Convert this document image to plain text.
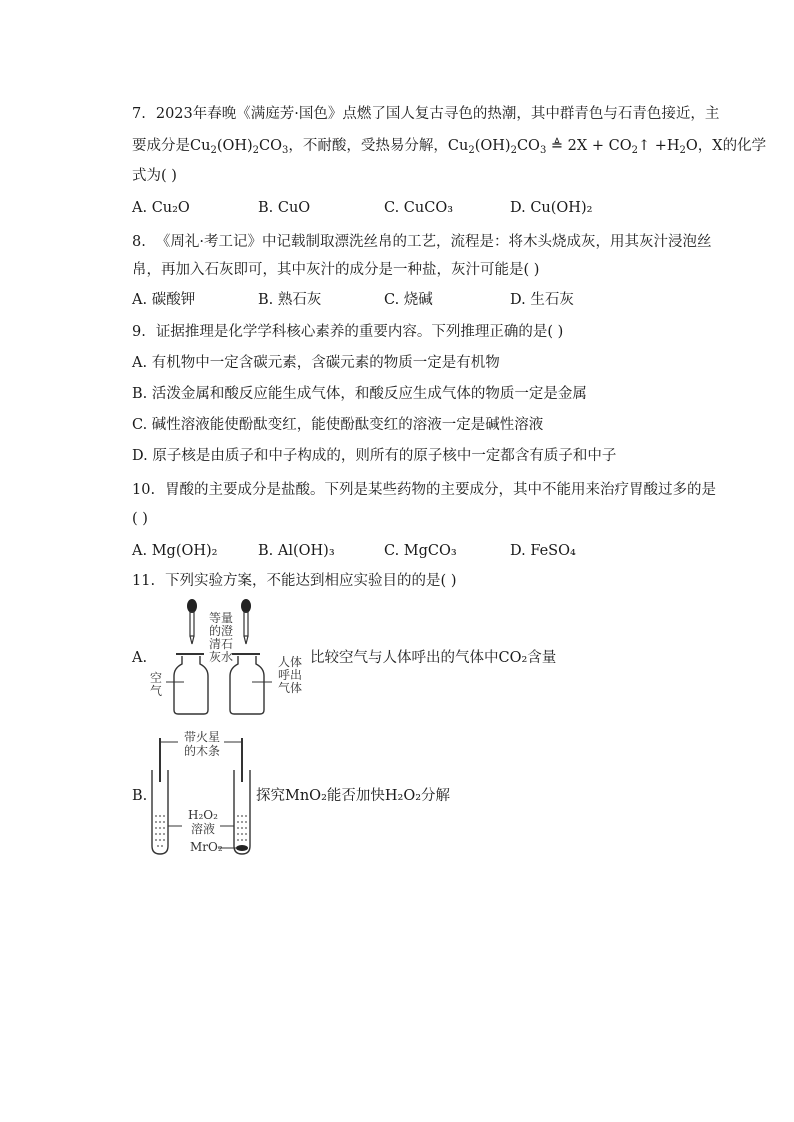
7. 2023年春晚《满庭芳·国色》点燃了国人复古寻色的热潮，其中群青色与石青色接近，主
要成分是$Cu_2(OH)_2CO_3$，不耐酸，受热易分解，$Cu_2(OH)_2CO_3$ ≜ $2X + CO_2↑ +H_2O$，X的化学
式为( )
A. Cu₂O	B. CuO	C. CuCO₃	D. Cu(OH)₂
8. 《周礼·考工记》中记载制取漂洗丝帛的工艺，流程是：将木头烧成灰，用其灰汁浸泡丝
帛，再加入石灰即可，其中灰汁的成分是一种盐，灰汁可能是( )
A. 碳酸钾	B. 熟石灰	C. 烧碱	D. 生石灰
9. 证据推理是化学学科核心素养的重要内容。下列推理正确的是( )
A. 有机物中一定含碳元素，含碳元素的物质一定是有机物
B. 活泼金属和酸反应能生成气体，和酸反应生成气体的物质一定是金属
C. 碱性溶液能使酚酞变红，能使酚酞变红的溶液一定是碱性溶液
D. 原子核是由质子和中子构成的，则所有的原子核中一定都含有质子和中子
10. 胃酸的主要成分是盐酸。下列是某些药物的主要成分，其中不能用来治疗胃酸过多的是
( )
A. Mg(OH)₂	B. Al(OH)₃	C. MgCO₃	D. FeSO₄
11. 下列实验方案，不能达到相应实验目的的是( )
A.
等量
的澄
清石
灰水
空
气
人体
呼出
气体
比较空气与人体呼出的气体中CO₂含量
B.
带火星
的木条
H₂O₂
溶液
MrO₂
探究MnO₂能否加快H₂O₂分解
